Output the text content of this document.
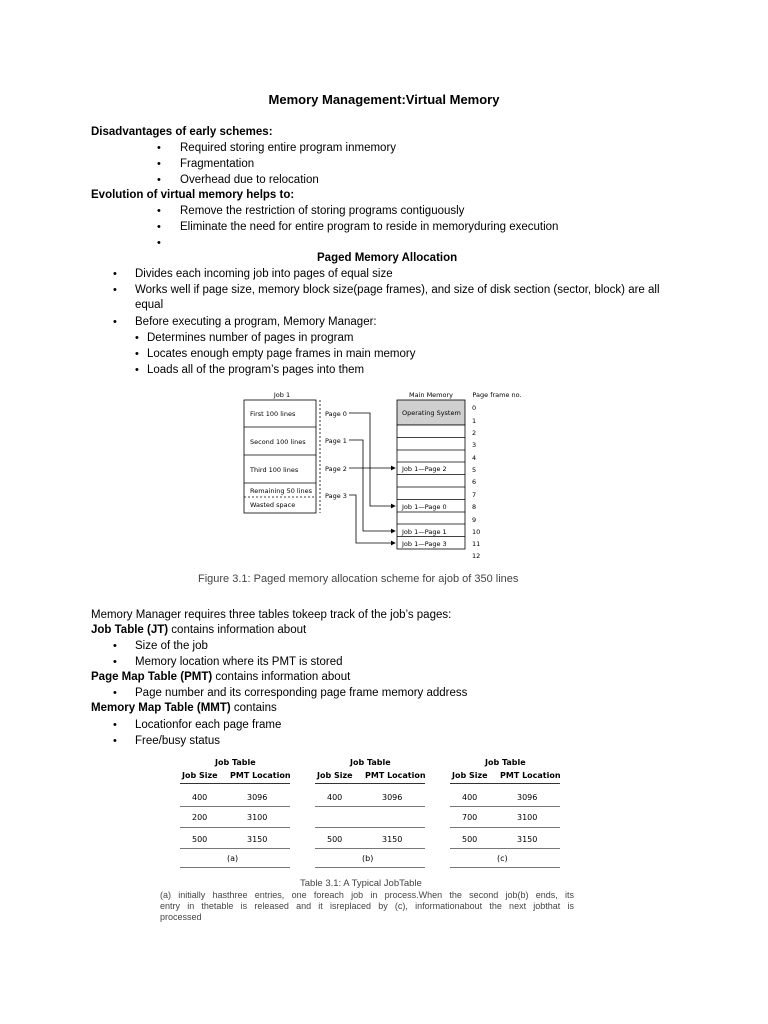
Memory Management:Virtual Memory
Disadvantages of early schemes:
• Required storing entire program inmemory
• Fragmentation
• Overhead due to relocation
Evolution of virtual memory helps to:
• Remove the restriction of storing programs contiguously
• Eliminate the need for entire program to reside in memoryduring execution
•
Paged Memory Allocation
• Divides each incoming job into pages of equal size
• Works well if page size, memory block size(page frames), and size of disk section (sector, block) are all
equal
• Before executing a program, Memory Manager:
• Determines number of pages in program
• Locates enough empty page frames in main memory
• Loads all of the program’s pages into them
Job 1
First 100 lines
Second 100 lines
Third 100 lines
Remaining 50 lines
Wasted space
Page 0
Page 1
Page 2
Page 3
Main Memory	Page frame no.
Operating System
Job 1—Page 2
Job 1—Page 0
Job 1—Page 1
Job 1—Page 3
0
1
2
3
4
5
6
7
8
9
10
11
12
Figure 3.1: Paged memory allocation scheme for ajob of 350 lines
Memory Manager requires three tables tokeep track of the job’s pages:
Job Table (JT) contains information about
• Size of the job
• Memory location where its PMT is stored
Page Map Table (PMT) contains information about
• Page number and its corresponding page frame memory address
Memory Map Table (MMT) contains
• Locationfor each page frame
• Free/busy status
Job Table
Job Size PMT Location
400	3096
200	3100
500	3150
(a)
Job Table
Job Size PMT Location
400	3096
500	3150
(b)
Job Table
Job Size PMT Location
400	3096
700	3100
500	3150
(c)
Table 3.1: A Typical JobTable
(a) initially hasthree entries, one foreach job in process.When the second job(b) ends, its
entry in thetable is released and it isreplaced by (c), informationabout the next jobthat is
processed
